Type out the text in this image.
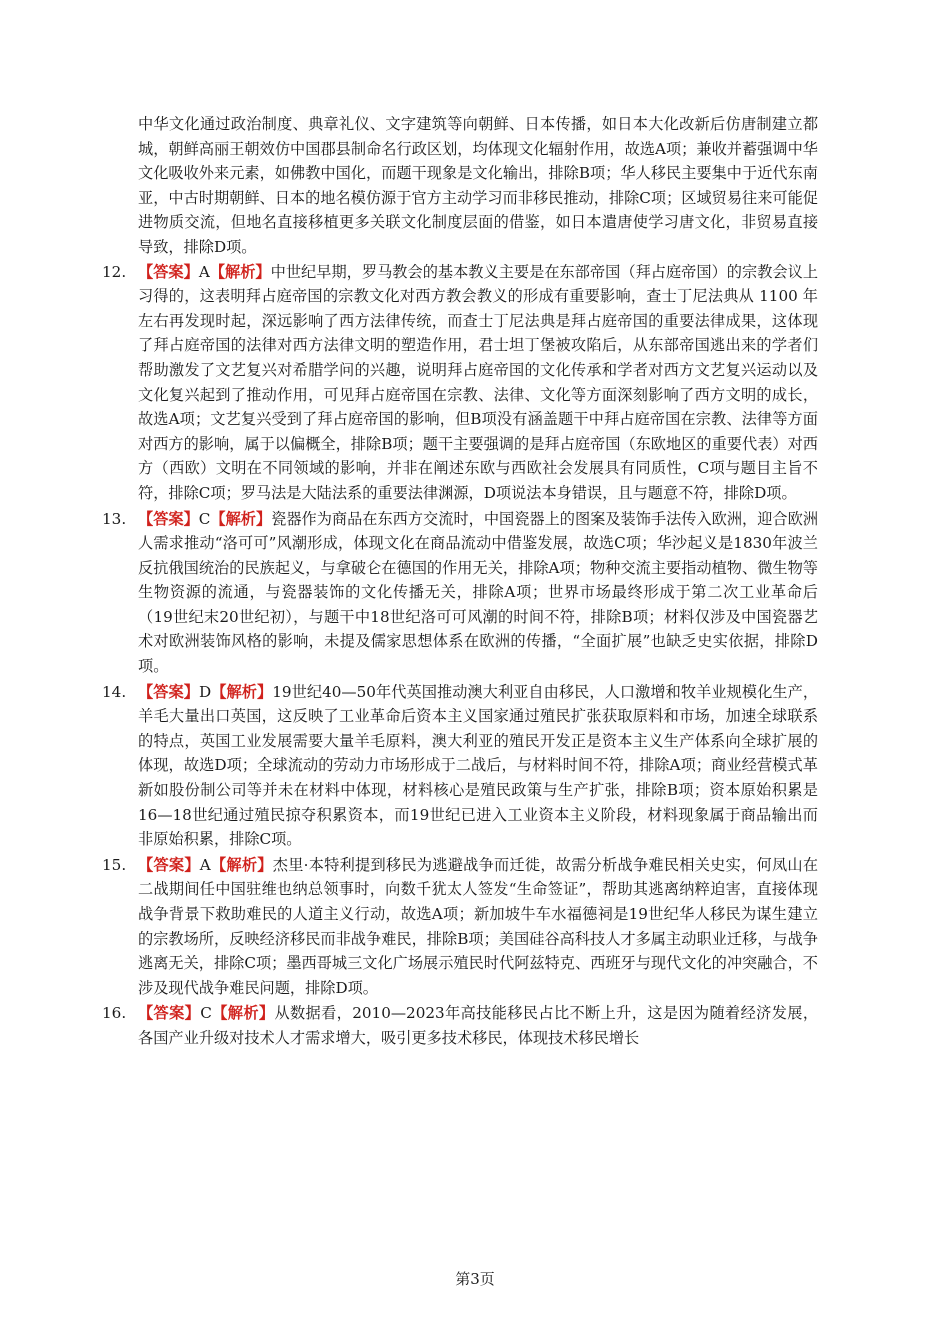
中华文化通过政治制度、典章礼仪、文字建筑等向朝鲜、日本传播，如日本大化改新后仿唐制建立都城，朝鲜高丽王朝效仿中国郡县制命名行政区划，均体现文化辐射作用，故选A项；兼收并蓄强调中华文化吸收外来元素，如佛教中国化，而题干现象是文化输出，排除B项；华人移民主要集中于近代东南亚，中古时期朝鲜、日本的地名模仿源于官方主动学习而非移民推动，排除C项；区域贸易往来可能促进物质交流，但地名直接移植更多关联文化制度层面的借鉴，如日本遣唐使学习唐文化，非贸易直接导致，排除D项。

12. 【答案】A【解析】中世纪早期，罗马教会的基本教义主要是在东部帝国（拜占庭帝国）的宗教会议上习得的，这表明拜占庭帝国的宗教文化对西方教会教义的形成有重要影响，查士丁尼法典从 1100 年左右再发现时起，深远影响了西方法律传统，而查士丁尼法典是拜占庭帝国的重要法律成果，这体现了拜占庭帝国的法律对西方法律文明的塑造作用，君士坦丁堡被攻陷后，从东部帝国逃出来的学者们帮助激发了文艺复兴对希腊学问的兴趣，说明拜占庭帝国的文化传承和学者对西方文艺复兴运动以及文化复兴起到了推动作用，可见拜占庭帝国在宗教、法律、文化等方面深刻影响了西方文明的成长，故选A项；文艺复兴受到了拜占庭帝国的影响，但B项没有涵盖题干中拜占庭帝国在宗教、法律等方面对西方的影响，属于以偏概全，排除B项；题干主要强调的是拜占庭帝国（东欧地区的重要代表）对西方（西欧）文明在不同领域的影响，并非在阐述东欧与西欧社会发展具有同质性，C项与题目主旨不符，排除C项；罗马法是大陆法系的重要法律渊源，D项说法本身错误，且与题意不符，排除D项。
13. 【答案】C【解析】瓷器作为商品在东西方交流时，中国瓷器上的图案及装饰手法传入欧洲，迎合欧洲人需求推动“洛可可”风潮形成，体现文化在商品流动中借鉴发展，故选C项；华沙起义是1830年波兰反抗俄国统治的民族起义，与拿破仑在德国的作用无关，排除A项；物种交流主要指动植物、微生物等生物资源的流通，与瓷器装饰的文化传播无关，排除A项；世界市场最终形成于第二次工业革命后（19世纪末20世纪初），与题干中18世纪洛可可风潮的时间不符，排除B项；材料仅涉及中国瓷器艺术对欧洲装饰风格的影响，未提及儒家思想体系在欧洲的传播，“全面扩展”也缺乏史实依据，排除D项。
14. 【答案】D【解析】19世纪40—50年代英国推动澳大利亚自由移民，人口激增和牧羊业规模化生产，羊毛大量出口英国，这反映了工业革命后资本主义国家通过殖民扩张获取原料和市场，加速全球联系的特点，英国工业发展需要大量羊毛原料，澳大利亚的殖民开发正是资本主义生产体系向全球扩展的体现，故选D项；全球流动的劳动力市场形成于二战后，与材料时间不符，排除A项；商业经营模式革新如股份制公司等并未在材料中体现，材料核心是殖民政策与生产扩张，排除B项；资本原始积累是16—18世纪通过殖民掠夺积累资本，而19世纪已进入工业资本主义阶段，材料现象属于商品输出而非原始积累，排除C项。
15. 【答案】A【解析】杰里·本特利提到移民为逃避战争而迁徙，故需分析战争难民相关史实，何凤山在二战期间任中国驻维也纳总领事时，向数千犹太人签发“生命签证”，帮助其逃离纳粹迫害，直接体现战争背景下救助难民的人道主义行动，故选A项；新加坡牛车水福德祠是19世纪华人移民为谋生建立的宗教场所，反映经济移民而非战争难民，排除B项；美国硅谷高科技人才多属主动职业迁移，与战争逃离无关，排除C项；墨西哥城三文化广场展示殖民时代阿兹特克、西班牙与现代文化的冲突融合，不涉及现代战争难民问题，排除D项。
16. 【答案】C【解析】从数据看，2010—2023年高技能移民占比不断上升，这是因为随着经济发展，各国产业升级对技术人才需求增大，吸引更多技术移民，体现技术移民增长
第3页
